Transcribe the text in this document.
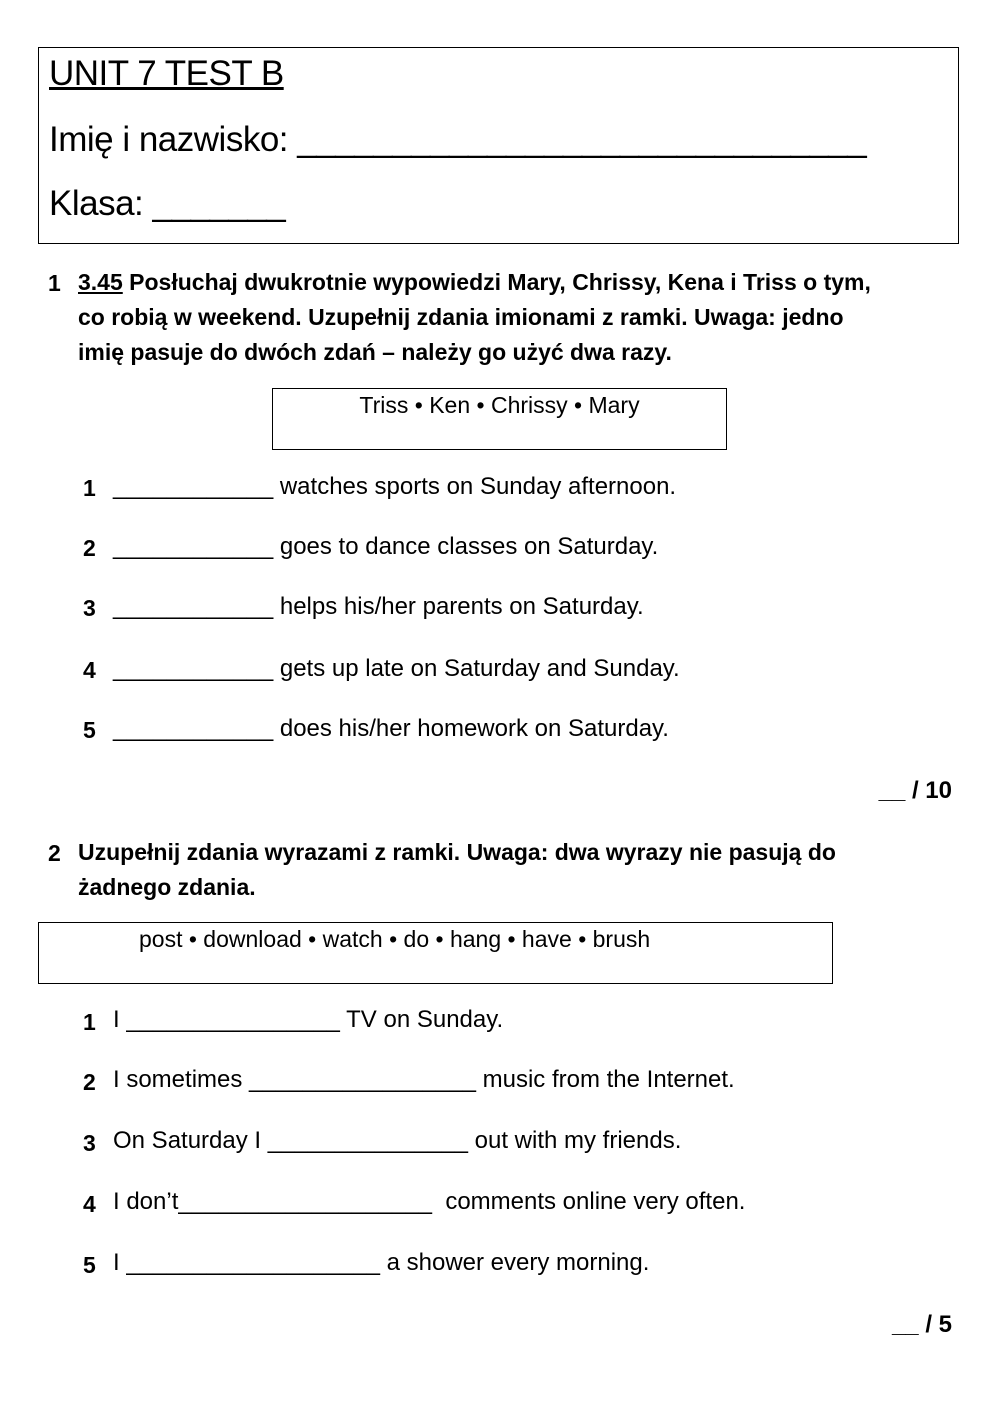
UNIT 7 TEST B
Imię i nazwisko: ______________________________
Klasa: _______
1 3.45 Posłuchaj dwukrotnie wypowiedzi Mary, Chrissy, Kena i Triss o tym,
co robią w weekend. Uzupełnij zdania imionami z ramki. Uwaga: jedno
imię pasuje do dwóch zdań – należy go użyć dwa razy.
Triss • Ken • Chrissy • Mary
1 ____________ watches sports on Sunday afternoon.
2 ____________ goes to dance classes on Saturday.
3 ____________ helps his/her parents on Saturday.
4 ____________ gets up late on Saturday and Sunday.
5 ____________ does his/her homework on Saturday.
__ / 10
2 Uzupełnij zdania wyrazami z ramki. Uwaga: dwa wyrazy nie pasują do
żadnego zdania.
post • download • watch • do • hang • have • brush
1 I ________________ TV on Sunday.
2 I sometimes _________________ music from the Internet.
3 On Saturday I _______________ out with my friends.
4 I don’t___________________  comments online very often.
5 I ___________________ a shower every morning.
__ / 5
